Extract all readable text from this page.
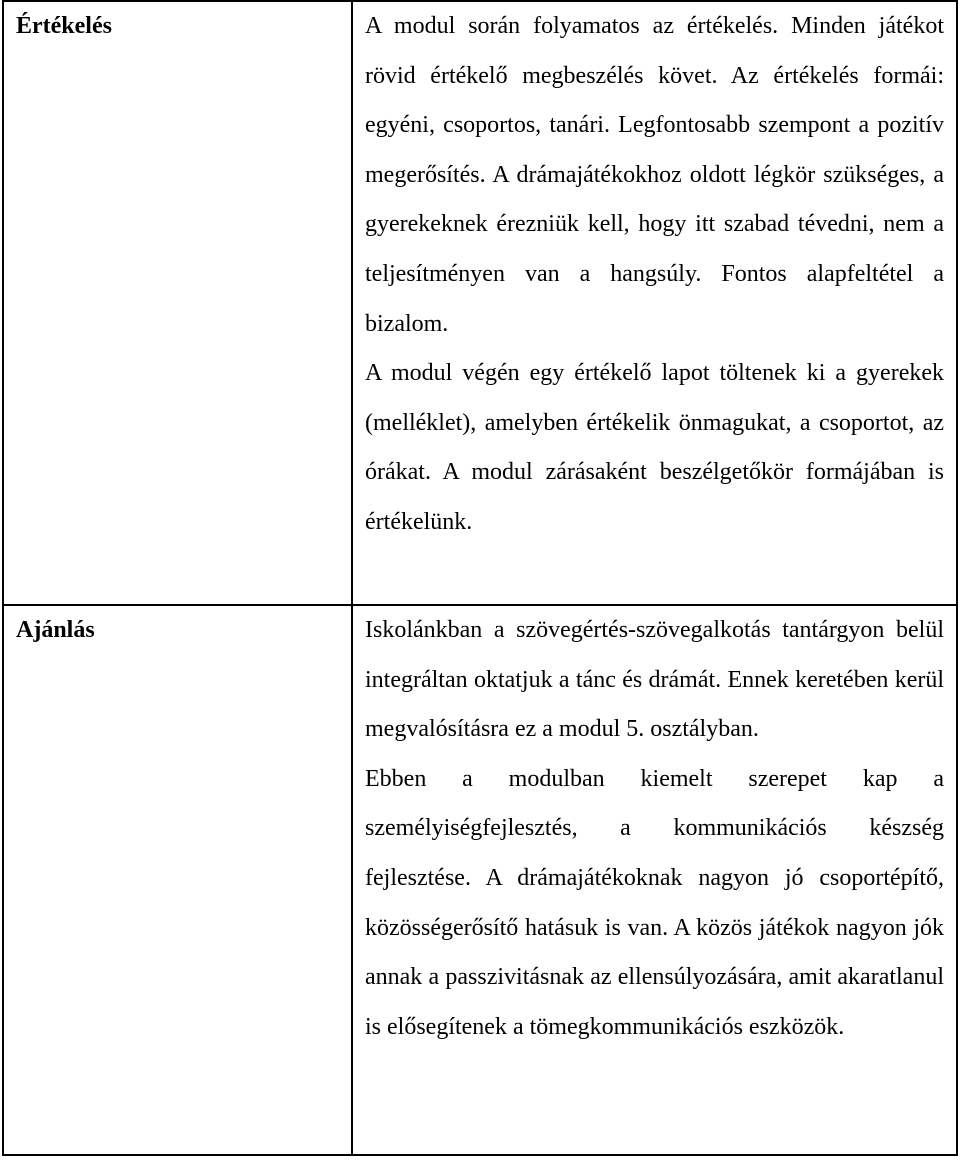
Értékelés	A modul során folyamatos az értékelés. Minden játékot rövid értékelő megbeszélés követ. Az értékelés formái: egyéni, csoportos, tanári. Legfontosabb szempont a pozitív megerősítés. A drámajátékokhoz oldott légkör szükséges, a gyerekeknek érezniük kell, hogy itt szabad tévedni, nem a teljesítményen van a hangsúly. Fontos alapfeltétel a bizalom.

A modul végén egy értékelő lapot töltenek ki a gyerekek (melléklet), amelyben értékelik önmagukat, a csoportot, az órákat. A modul zárásaként beszélgetőkör formájában is értékelünk.

Ajánlás	Iskolánkban a szövegértés-szövegalkotás tantárgyon belül integráltan oktatjuk a tánc és drámát. Ennek keretében kerül megvalósításra ez a modul 5. osztályban.

Ebben a modulban kiemelt szerepet kap a személyiségfejlesztés, a kommunikációs készség fejlesztése. A drámajátékoknak nagyon jó csoportépítő, közösségerősítő hatásuk is van. A közös játékok nagyon jók annak a passzivitásnak az ellensúlyozására, amit akaratlanul is elősegítenek a tömegkommunikációs eszközök.
